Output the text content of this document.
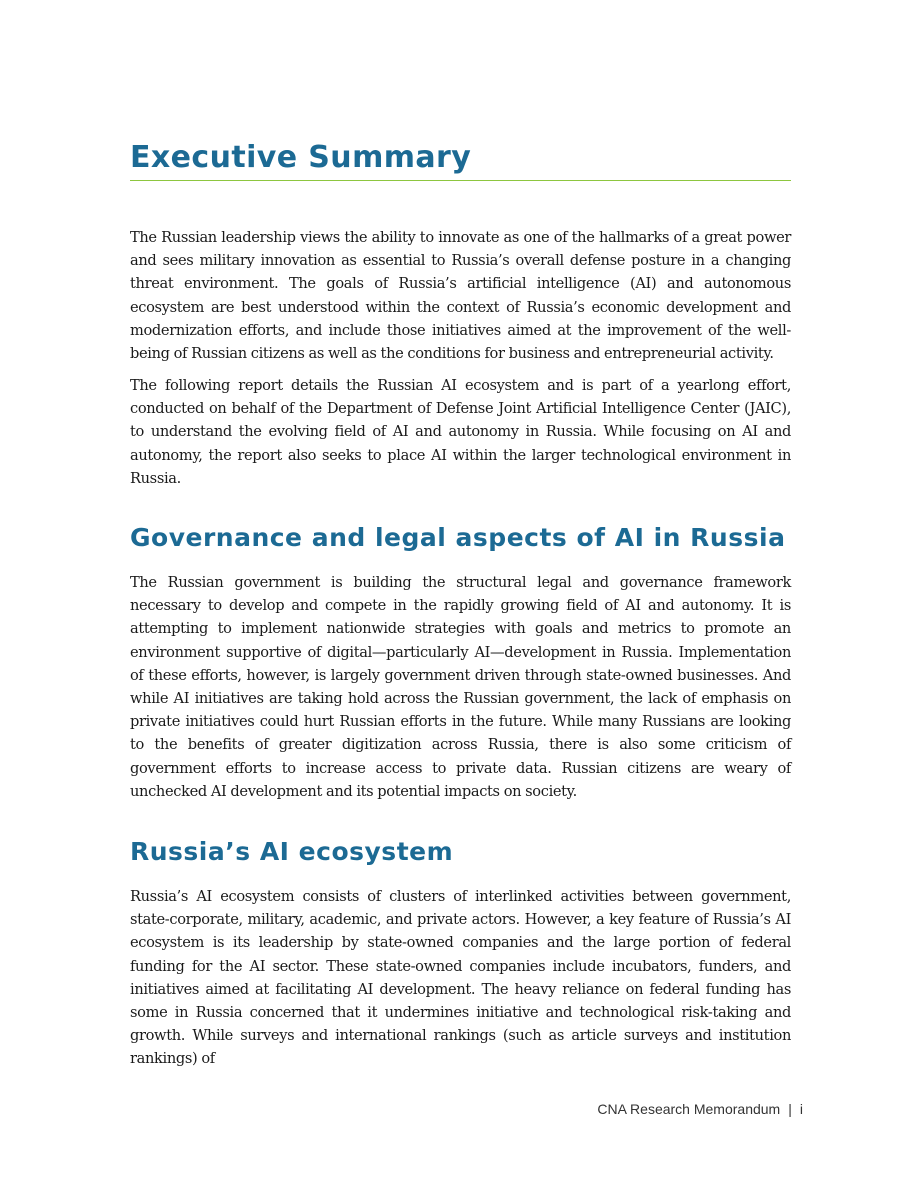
Executive Summary

The Russian leadership views the ability to innovate as one of the hallmarks of a great power and sees military innovation as essential to Russia’s overall defense posture in a changing threat environment. The goals of Russia’s artificial intelligence (AI) and autonomous ecosystem are best understood within the context of Russia’s economic development and modernization efforts, and include those initiatives aimed at the improvement of the well-being of Russian citizens as well as the conditions for business and entrepreneurial activity.

The following report details the Russian AI ecosystem and is part of a yearlong effort, conducted on behalf of the Department of Defense Joint Artificial Intelligence Center (JAIC), to understand the evolving field of AI and autonomy in Russia. While focusing on AI and autonomy, the report also seeks to place AI within the larger technological environment in Russia.

Governance and legal aspects of AI in Russia

The Russian government is building the structural legal and governance framework necessary to develop and compete in the rapidly growing field of AI and autonomy. It is attempting to implement nationwide strategies with goals and metrics to promote an environment supportive of digital—particularly AI—development in Russia. Implementation of these efforts, however, is largely government driven through state-owned businesses. And while AI initiatives are taking hold across the Russian government, the lack of emphasis on private initiatives could hurt Russian efforts in the future. While many Russians are looking to the benefits of greater digitization across Russia, there is also some criticism of government efforts to increase access to private data. Russian citizens are weary of unchecked AI development and its potential impacts on society.

Russia’s AI ecosystem

Russia’s AI ecosystem consists of clusters of interlinked activities between government, state-corporate, military, academic, and private actors. However, a key feature of Russia’s AI ecosystem is its leadership by state-owned companies and the large portion of federal funding for the AI sector. These state-owned companies include incubators, funders, and initiatives aimed at facilitating AI development. The heavy reliance on federal funding has some in Russia concerned that it undermines initiative and technological risk-taking and growth. While surveys and international rankings (such as article surveys and institution rankings) of

CNA Research Memorandum | i
